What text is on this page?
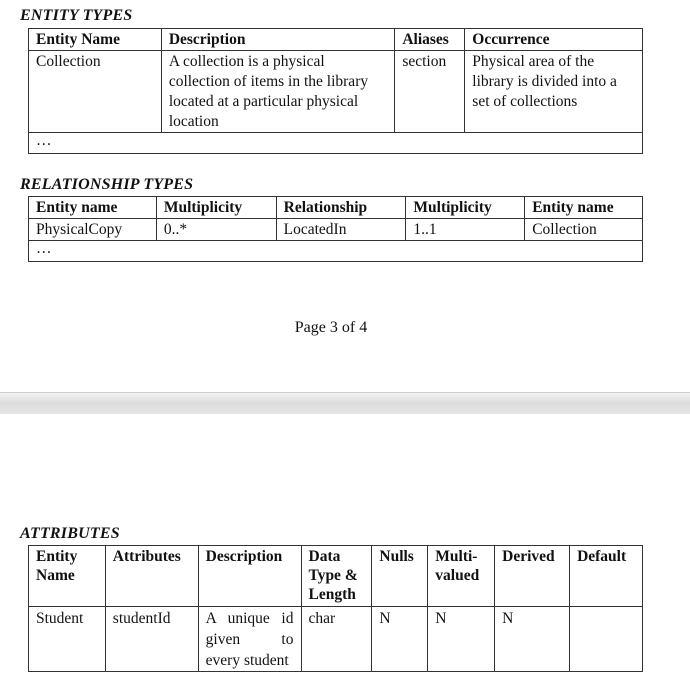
ENTITY TYPES
Entity Name	Description	Aliases	Occurrence
Collection	A collection is a physical collection of items in the library located at a particular physical location	section	Physical area of the library is divided into a set of collections
…			
RELATIONSHIP TYPES
Entity name	Multiplicity	Relationship	Multiplicity	Entity name
PhysicalCopy	0..*	LocatedIn	1..1	Collection
…				
Page 3 of 4
ATTRIBUTES
Entity Name	Attributes	Description	Data Type & Length	Nulls	Multi-valued	Derived	Default
Student	studentId	A unique id given to every student	char	N	N	N	
